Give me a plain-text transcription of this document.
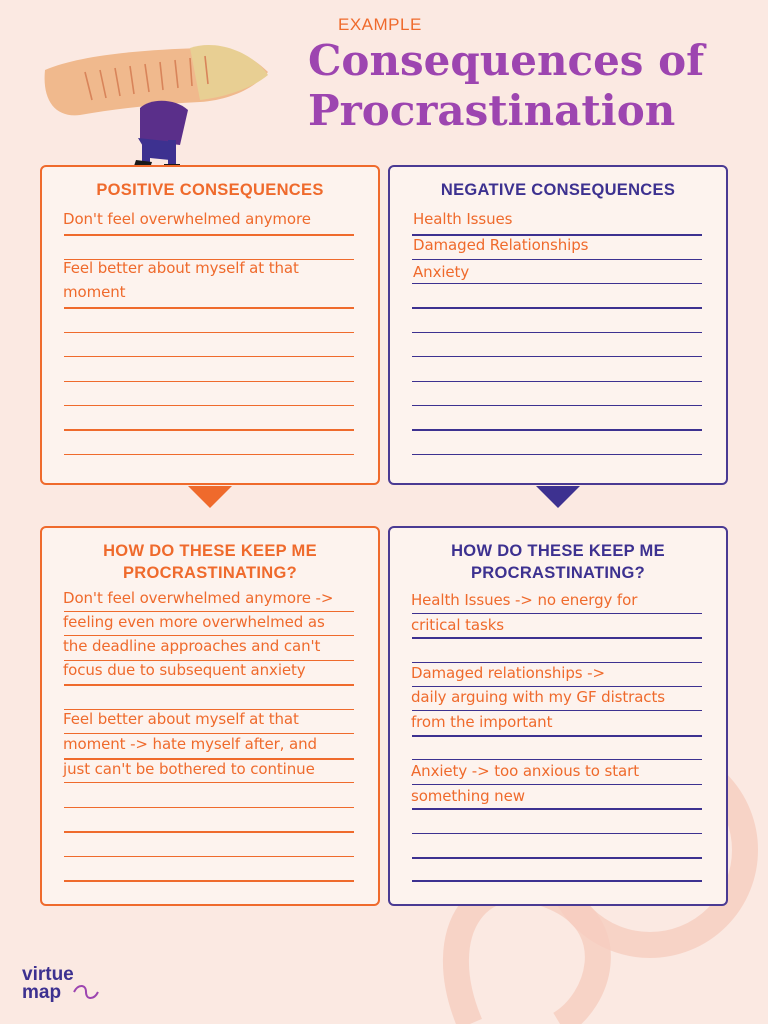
EXAMPLE
Consequences of
Procrastination
POSITIVE CONSEQUENCES
Don't feel overwhelmed anymore
Feel better about myself at that
moment
NEGATIVE CONSEQUENCES
Health Issues
Damaged Relationships
Anxiety
HOW DO THESE KEEP ME
PROCRASTINATING?
Don't feel overwhelmed anymore ->
feeling even more overwhelmed as
the deadline approaches and can't
focus due to subsequent anxiety
Feel better about myself at that
moment -> hate myself after, and
just can't be bothered to continue
HOW DO THESE KEEP ME
PROCRASTINATING?
Health Issues -> no energy for
critical tasks
Damaged relationships ->
daily arguing with my GF distracts
from the important
Anxiety -> too anxious to start
something new
virtue
map
